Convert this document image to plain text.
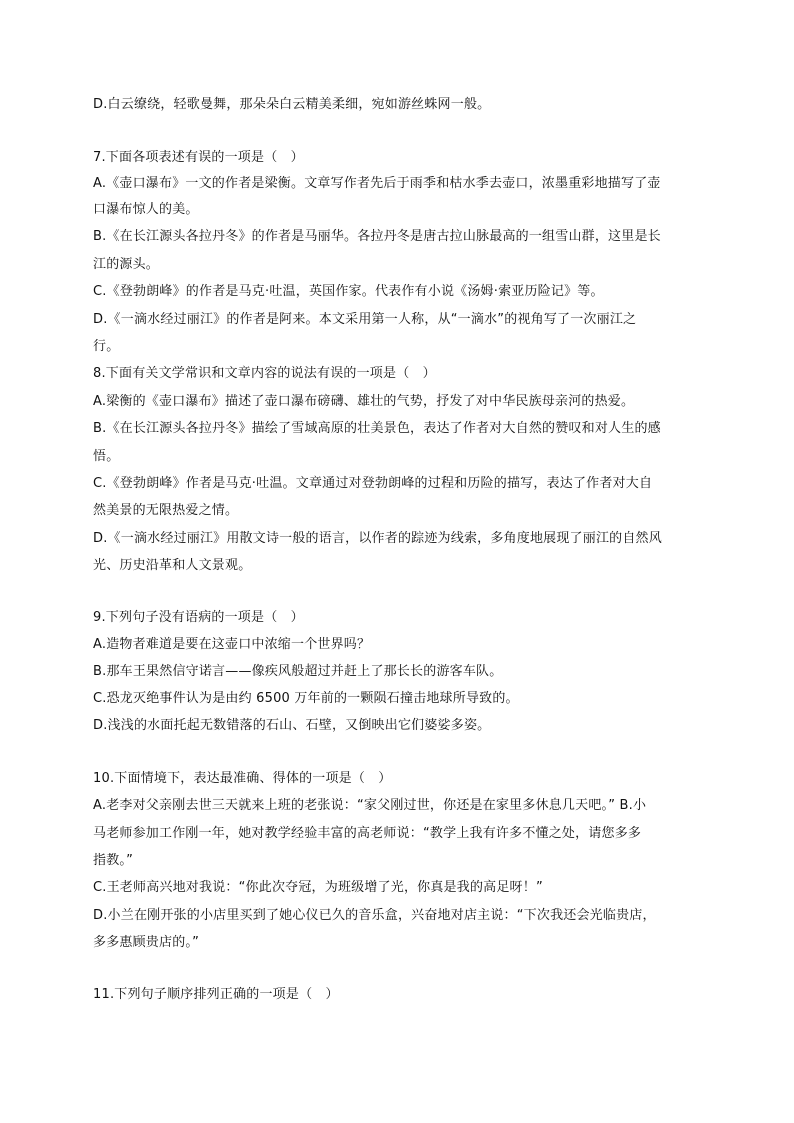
D.白云缭绕，轻歌曼舞，那朵朵白云精美柔细，宛如游丝蛛网一般。
7.下面各项表述有误的一项是（　）
A.《壶口瀑布》一文的作者是梁衡。文章写作者先后于雨季和枯水季去壶口，浓墨重彩地描写了壶
口瀑布惊人的美。
B.《在长江源头各拉丹冬》的作者是马丽华。各拉丹冬是唐古拉山脉最高的一组雪山群，这里是长
江的源头。
C.《登勃朗峰》的作者是马克·吐温，英国作家。代表作有小说《汤姆·索亚历险记》等。
D.《一滴水经过丽江》的作者是阿来。本文采用第一人称，从“一滴水”的视角写了一次丽江之
行。
8.下面有关文学常识和文章内容的说法有误的一项是（　）
A.梁衡的《壶口瀑布》描述了壶口瀑布磅礴、雄壮的气势，抒发了对中华民族母亲河的热爱。
B.《在长江源头各拉丹冬》描绘了雪域高原的壮美景色，表达了作者对大自然的赞叹和对人生的感
悟。
C.《登勃朗峰》作者是马克·吐温。文章通过对登勃朗峰的过程和历险的描写，表达了作者对大自
然美景的无限热爱之情。
D.《一滴水经过丽江》用散文诗一般的语言，以作者的踪迹为线索，多角度地展现了丽江的自然风
光、历史沿革和人文景观。
9.下列句子没有语病的一项是（　）
A.造物者难道是要在这壶口中浓缩一个世界吗？
B.那车王果然信守诺言——像疾风般超过并赶上了那长长的游客车队。
C.恐龙灭绝事件认为是由约 6500 万年前的一颗陨石撞击地球所导致的。
D.浅浅的水面托起无数错落的石山、石壁，又倒映出它们婆娑多姿。
10.下面情境下，表达最准确、得体的一项是（　）
A.老李对父亲刚去世三天就来上班的老张说：“家父刚过世，你还是在家里多休息几天吧。” B.小
马老师参加工作刚一年，她对教学经验丰富的高老师说：“教学上我有许多不懂之处，请您多多
指教。”
C.王老师高兴地对我说：“你此次夺冠，为班级增了光，你真是我的高足呀！”
D.小兰在刚开张的小店里买到了她心仪已久的音乐盒，兴奋地对店主说：“下次我还会光临贵店，
多多惠顾贵店的。”
11.下列句子顺序排列正确的一项是（　）
